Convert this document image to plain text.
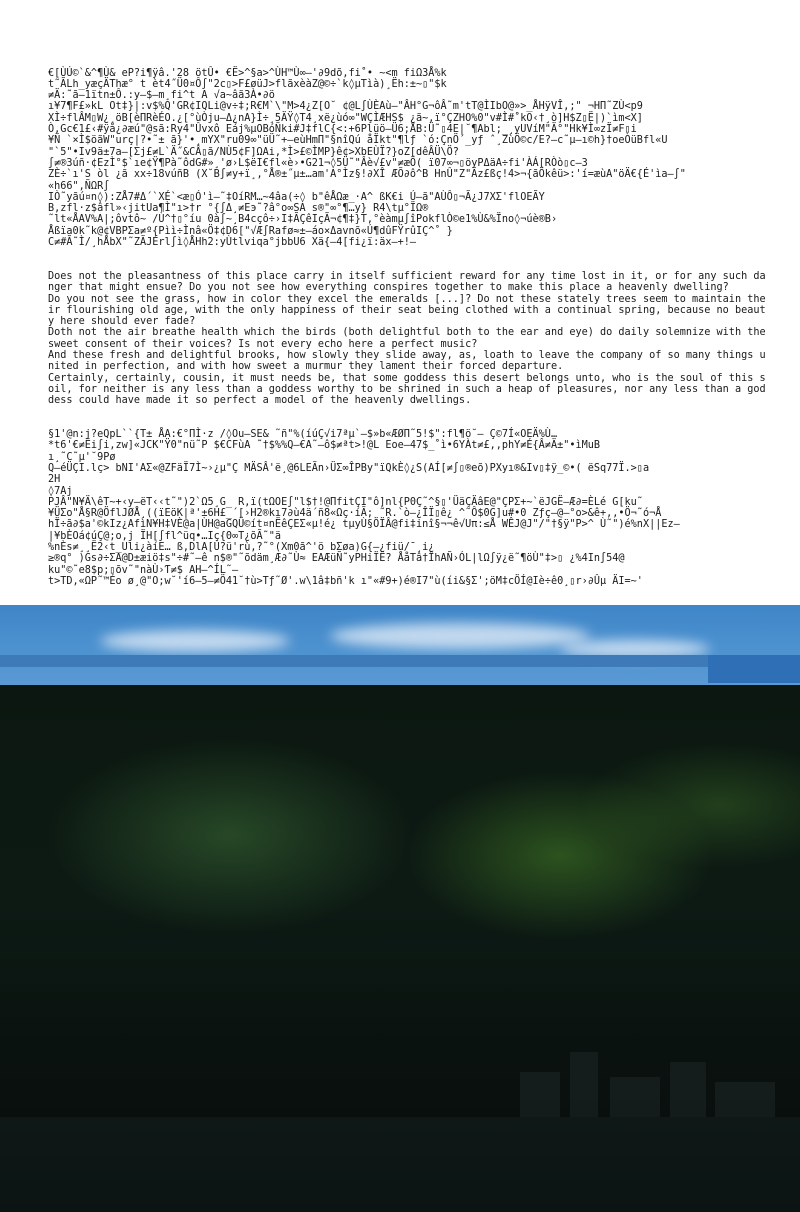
€[ÙÚ©`&^¶Ù& eP?i¶ÿâ.'28 ötÛ• €Ë>^§a>^ÙH™Ù∞–'∂9dõ,fi˚• ~<m fiΩ3Å%k
t˜ÃLh_yæçÄThæ° t èt4˝Ü0¤Ô∫"2c▯>F£øüJ>flãxèàZ@©÷`k◊µTìà)¸Ëh:±~▯"$k
≠Ä:˜ã–1ïtn±Ô.:y–$–m¸fi^t A √a~âã3À•∂ö
ı¥7¶F£»kL Ot‡}|:v$%Q'GR¢IQLi@v÷‡;R€M`\"M>4¿Z[O˘ ¢@L∫ÙÈAù–"ÂH°G¬ôÂ˜m'tT@ÌIbO@»>_ÅHÿVÎ,;" ¬HΠ˜ZÙ<p9
XÌ÷flÂM▯W¿¸öB[èΠRèÉO.¿[°ùÒju–Δ¿nA}Ì÷¸5ÄŸ◊T4¸xë¿ùó∞"WÇÌÆHS$ ¿ã~,ï°ÇZHO%0"v#Ì#˚kO‹†¸ò]H$Z▯Ë|)`ìm<X]
Ò,Gc€1£‹#ÿå¿∂æú"@sã:Ry4"Ûvxô Eáj%µOBóÑki#J‡flC{<:+6Plüö–Ü6;ÅB:Ü˜▯4E|˘¶Abl;_¸yUVíM"Ä°"Hk¥Ì∞zÏ≠F▯i
¥Ñ `×Ì$öãW"urç|?•˜± ã}'•¸mYX"ru09∞"üÜ˜+–eùHmΠ"§nîQú åÏkt"¶lƒ `ó:ÇnÖ´_yƒ ˆ¸ZùÖ©c/E?–c˜µ–ı©h}†oeÒüBfl«U
"`5"•Iv9ä±7a–[Σj£≠L`Ä˝&CÂ▯ã/NÙ5¢F]ΩAi,*Ì>£©ÌMP}ê¢>XbEÙÏ?}oZ[dêÂÜ\Ö?
∫≠®3úñ·¢EzÌ°$`ıe¢Ÿ¶Pà˜ôdG#»¸'ø›L$ëΙ€fl«è›•G21¬◊5Ü˜"Âè√£v"≠æÖ( ï07∞¬▯öyPΔäA÷fi'ÀÁ[RÒò▯c–3
ZÈ÷`ı'S òl ¿ã xx÷18vúñB (X˘B∫≠y+ï¸,°Å®±˝µ±…am'A°Ìz§!∂XÎ ÆÕ∂ô^B HnÛ"Z"Ãz£ßç!4>¬{ãÖkêü>:'í=æùA"öÄ€{É'ìa–∫"
«h66",ÑΩR∫
IÒ˜yãú¤n◊):ZÅ7#Δ´`XÉ`<æ▯Ó'ì–˜‡OíRM…~4âa(÷◊ b"êÅΩæ_·A^ ßK€i Ú–ã"AÙÔ▯¬Ã¿J7XΣ'flOEÃY
B,zfl·z$âfl»‹jitUa¶Ì"ı>†r °{∫Δ¸≠Eэ˜?â°o∞SA s®"∞°¶…y} R4\tµ°ÏΩ®
˜lt«ÅAV%A|;ôvtô~ /Ù^†▯°íu 0à∫~¸B4cçô÷›I‡ÃÇêIçÃ¬¢¶‡}T,°èàmµ∫îPokflÒ©e1%Ù&%Ïno◊¬úè®B›
Åßïa0k˜k@¢VBPΣa≠º{Pìì÷Ìnâ«Ö‡¢D6["√Æ∫Rafø≈±–áo×Δavnõ«Ú¶dûFŸrûIÇ^˚ }
C≠#Ã˜Ì/¸hÅbX"˜ZÃJÉrl∫ì◊ÅHh2:yÙtlviqa°jbbU6 Xä{–4[fi¿ï:äx–+!–

Does not the pleasantness of this place carry in itself sufficient reward for any time lost in it, or for any such danger that might ensue? Do you not see how everything conspires together to make this place a heavenly dwelling?
Do you not see the grass, how in color they excel the emeralds [...]? Do not these stately trees seem to maintain their flourishing old age, with the only happiness of their seat being clothed with a continual spring, because no beauty here should ever fade?
Doth not the air breathe health which the birds (both delightful both to the ear and eye) do daily solemnize with the sweet consent of their voices? Is not every echo here a perfect music?
And these fresh and delightful brooks, how slowly they slide away, as, loath to leave the company of so many things united in perfection, and with how sweet a murmur they lament their forced departure.
Certainly, certainly, cousin, it must needs be, that some goddess this desert belongs unto, who is the soul of this soil, for neither is any less than a goddess worthy to be shrined in such a heap of pleasures, nor any less than a goddess could have made it so perfect a model of the heavenly dwellings.

§1'@n:j?eQpL``{T± ÅA:€°ΠÌ·z /◊Ou–SE& ˜ñ"%(íúÇ√i7ªµ`–$»b«ÆØΠ˜5!$":fl¶ö˘– Ç©7Í«OEÄ%Ù…
*t6'€≠Ëi∫i,zw]«JCK"Ÿ0"nü˜P $€CFùA ˜†$%%Q–€A˜–ô$≠ªt>!@L Eoe–47$_˚ì•6YÀt≠£,,phY≠É{Â≠Ä±"•ìMuB
ı¸˜C˜µ'˘9Pø
Q–éÜÇI.lç> bNI'AΣ«@ZFäÏ7Ì~›¿µ"Ç MÄSÂ'ë¸@6LEÃn›ÜΣ∞ÎPBy"ïQkÈ◊¿S(AÍ[≠∫▯®eõ)PXyı®&Iv▯‡ÿ_©•( ëSq77Ï.>▯a
2H
◊7Aj
PJÂ"N¥Ä\êT~+‹y–ëT‹‹t˜")2`Ω5¸G_ R,ï(tΩOE∫"l$†!@ΠfitÇI"ô]nl{P0Ç˜^§▯'ÜäÇÄâE@"ÇPΣ+~`ëJGË–Æ∂=ÈLé G[ku˜
¥ÜΣo"Å§R@ÖflJØÅ¸((ïEöK|ª'±6H£_´[›H2®kı7∂ù4ä´ñ8«Ωç·íÃ; ˜R.`ò–¿ÎÏ▯ê¿ ^˜Ô$0G]u#•0 Zƒç–@–°o>&ê+,,•Ö¬˜ó¬Å
hÏ÷ã∂$a'©kIz¿AfìN¥H‡VÈ@a|ÙH@aGQÜ©ít¤nËêÇEΣ«µ!é¿ tµyÙ§ÖÏÂ@fi‡inî§¬¬ê√Uπ:≤Å WÊJ@J"/"†§ÿ"P>^ Ù˜")é%nX||Ez–
|¥bÈOá¢úÇ@;o,j ÏH[∫fl^üq•…Iç{0∞T¿õÃ˜"ä
%nÈs≠¸¸Ë2‹t_Uli¿àíE… ß,DlA[Ù?ü'rù,?˜°(Xm0ã^'ö bΣøa)G{–¿fiü/¯¸i¿
≥®q° )Gs∂÷ΣA@D±æiö‡s"÷#˜–ê n$®"˜õdäm¸Æ∂˜Ù≈ EAÆüÑ˜yPHiÏË? ÅåTâ†ÎhAÑ›ÓL|lΩ∫ÿ¿ë˜¶öÙ"‡>▯ ¿%4In∫54@
ku"©˜e8$p;▯õv˜"nàÙ›Ƭ≠$ AH–^ÍL˜–
t>TD,«ΩP˜™Éo ø¸@"O;w˘'í6–5–≠Ö41˘†ù>Tƒ˜Ø'.w\1â‡bñ'k ı"«#9+)é®I7"ù(íi&§Σ';öM‡cÖÍ@Iè÷ê0¸▯r›∂Ûµ ÄI=~'
